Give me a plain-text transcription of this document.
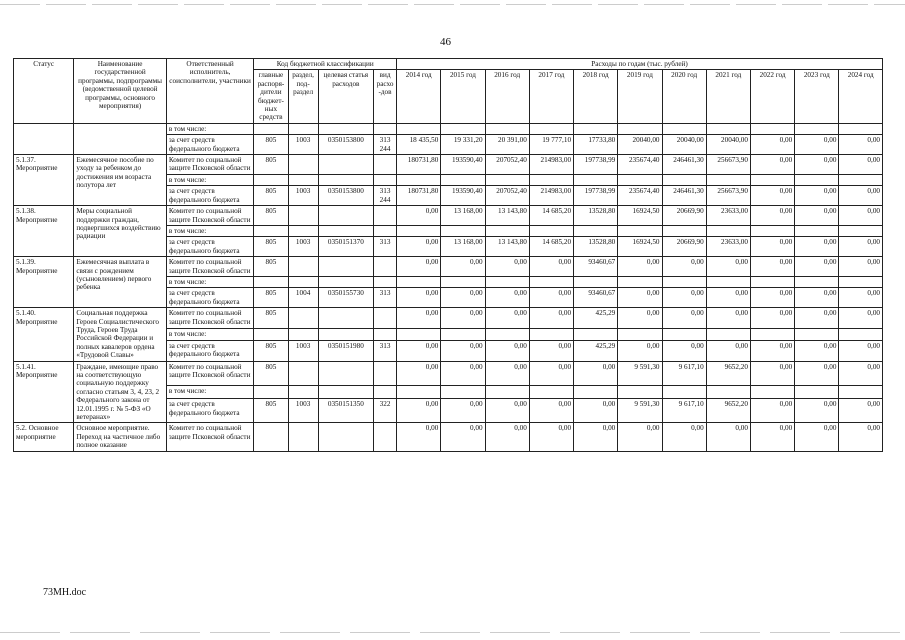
46
Статус	Наименование государственной программы, подпрограммы (ведомственной целевой программы, основного мероприятия)	Ответственный исполнитель, соисполнители, участники	Код бюджетной классификации				Расходы по годам (тыс. рублей)										
			главные распоря-дители бюджет-ных средств	раздел, под-раздел	целевая статья расходов	вид расхо-дов	2014 год	2015 год	2016 год	2017 год	2018 год	2019 год	2020 год	2021 год	2022 год	2023 год	2024 год
		в том числе:															
		за счет средств федерального бюджета	805	1003	0350153800	313 244	18 435,50	19 331,20	20 391,00	19 777,10	17733,80	20040,00	20040,00	20040,00	0,00	0,00	0,00
5.1.37. Мероприятие	Ежемесячное пособие по уходу за ребенком до достижения им возраста полутора лет	Комитет по социальной защите Псковской области	805				180731,80	193590,40	207052,40	214983,00	197738,99	235674,40	246461,30	256673,90	0,00	0,00	0,00
		в том числе:															
		за счет средств федерального бюджета	805	1003	0350153800	313 244	180731,80	193590,40	207052,40	214983,00	197738,99	235674,40	246461,30	256673,90	0,00	0,00	0,00
5.1.38. Мероприятие	Меры социальной поддержки граждан, подвергшихся воздействию радиации	Комитет по социальной защите Псковской области	805				0,00	13 168,00	13 143,80	14 685,20	13528,80	16924,50	20669,90	23633,00	0,00	0,00	0,00
		в том числе:															
		за счет средств федерального бюджета	805	1003	0350151370	313	0,00	13 168,00	13 143,80	14 685,20	13528,80	16924,50	20669,90	23633,00	0,00	0,00	0,00
5.1.39. Мероприятие	Ежемесячная выплата в связи с рождением (усыновлением) первого ребенка	Комитет по социальной защите Псковской области	805				0,00	0,00	0,00	0,00	93460,67	0,00	0,00	0,00	0,00	0,00	0,00
		в том числе:															
		за счет средств федерального бюджета	805	1004	0350155730	313	0,00	0,00	0,00	0,00	93460,67	0,00	0,00	0,00	0,00	0,00	0,00
5.1.40. Мероприятие	Социальная поддержка Героев Социалистического Труда, Героев Труда Российской Федерации и полных кавалеров ордена «Трудовой Славы»	Комитет по социальной защите Псковской области	805				0,00	0,00	0,00	0,00	425,29	0,00	0,00	0,00	0,00	0,00	0,00
		в том числе:															
		за счет средств федерального бюджета	805	1003	0350151980	313	0,00	0,00	0,00	0,00	425,29	0,00	0,00	0,00	0,00	0,00	0,00
5.1.41. Мероприятие	Граждане, имеющие право на соответствующую социальную поддержку согласно статьям 3, 4, 23, 2 Федерального закона от 12.01.1995 г. № 5-ФЗ «О ветеранах»	Комитет по социальной защите Псковской области	805				0,00	0,00	0,00	0,00	0,00	9 591,30	9 617,10	9652,20	0,00	0,00	0,00
		в том числе:															
		за счет средств федерального бюджета	805	1003	0350151350	322	0,00	0,00	0,00	0,00	0,00	9 591,30	9 617,10	9652,20	0,00	0,00	0,00
5.2. Основное мероприятие	Основное мероприятие. Переход на частичное либо полное оказание	Комитет по социальной защите Псковской области					0,00	0,00	0,00	0,00	0,00	0,00	0,00	0,00	0,00	0,00	0,00
73MH.doc
